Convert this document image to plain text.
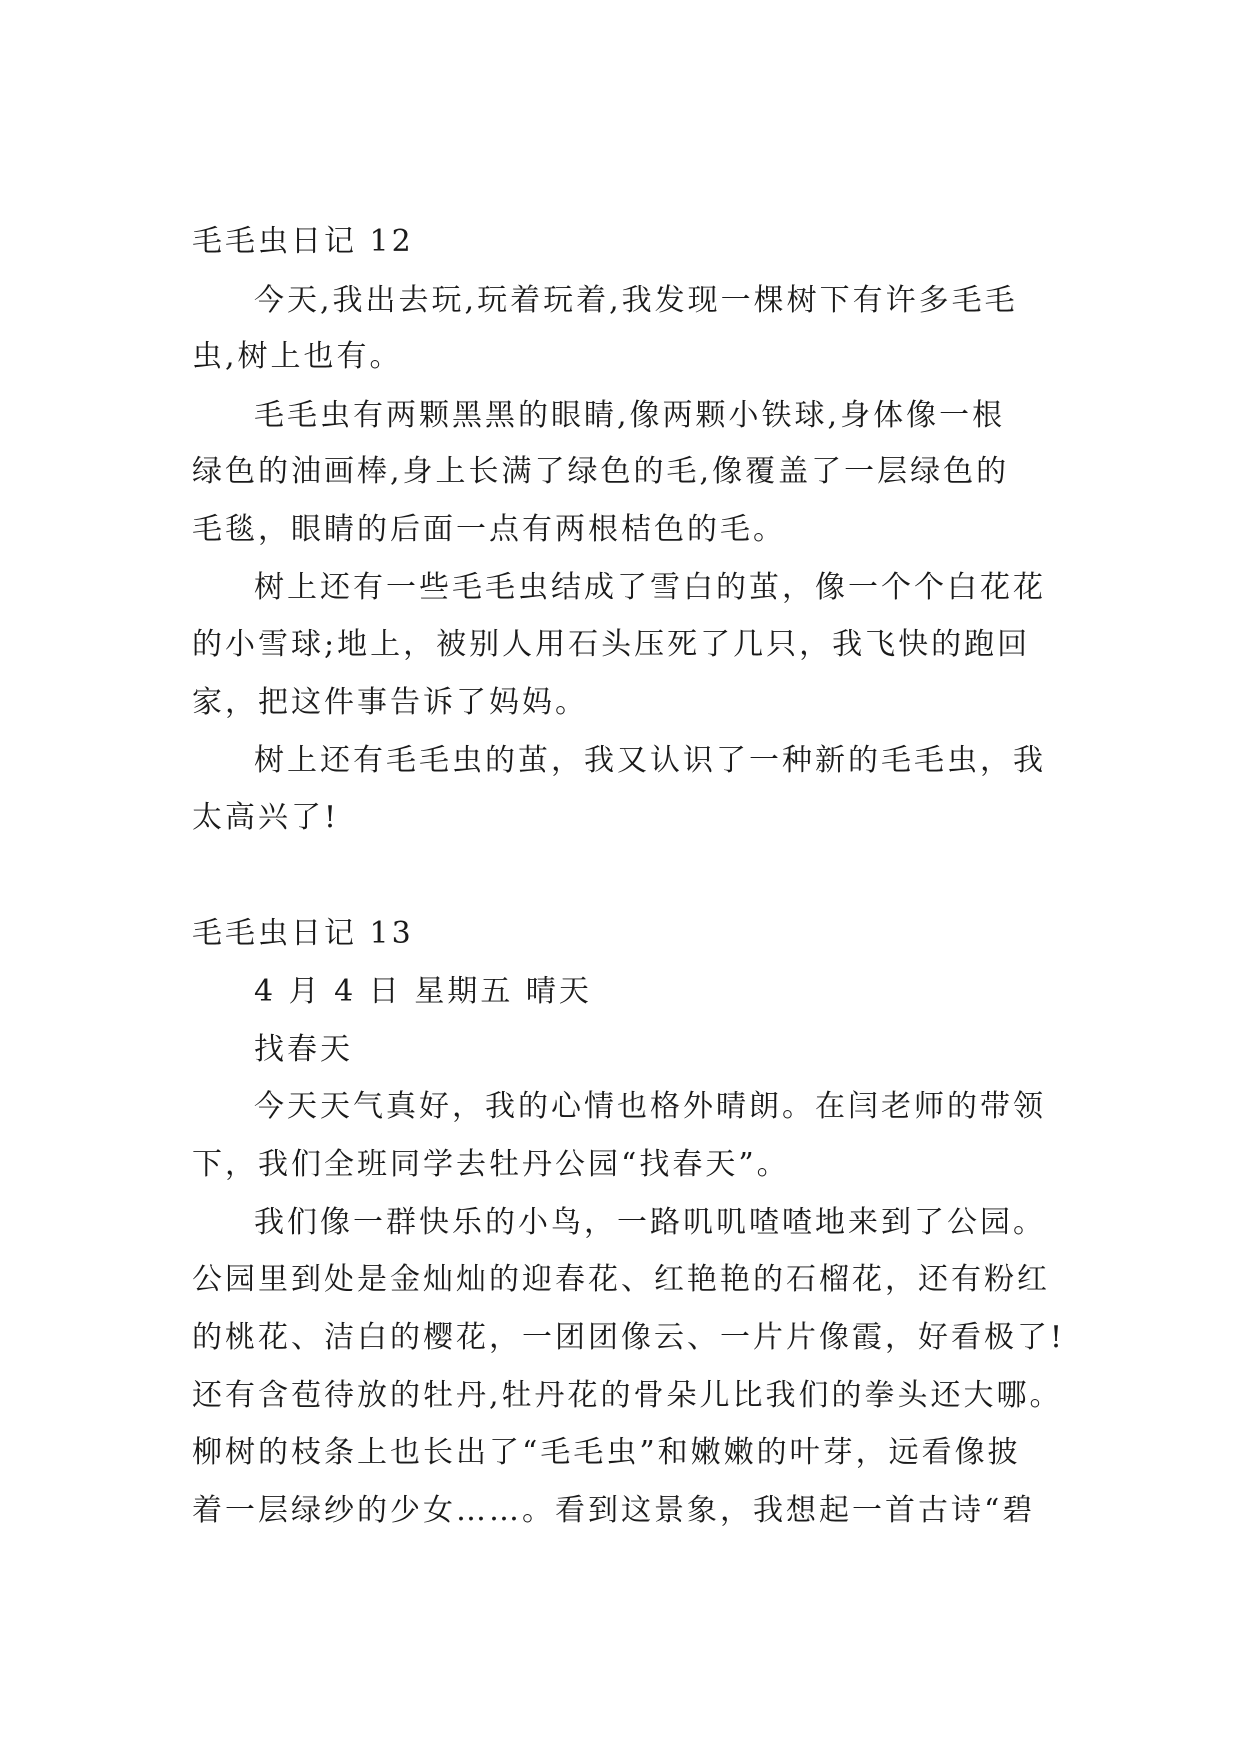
毛毛虫日记 12

今天,我出去玩,玩着玩着,我发现一棵树下有许多毛毛

虫,树上也有。

毛毛虫有两颗黑黑的眼睛,像两颗小铁球,身体像一根

绿色的油画棒,身上长满了绿色的毛,像覆盖了一层绿色的

毛毯，眼睛的后面一点有两根桔色的毛。

树上还有一些毛毛虫结成了雪白的茧，像一个个白花花

的小雪球;地上，被别人用石头压死了几只，我飞快的跑回

家，把这件事告诉了妈妈。

树上还有毛毛虫的茧，我又认识了一种新的毛毛虫，我

太高兴了!

毛毛虫日记 13

4 月 4 日 星期五 晴天

找春天

今天天气真好，我的心情也格外晴朗。在闫老师的带领

下，我们全班同学去牡丹公园“找春天”。

我们像一群快乐的小鸟，一路叽叽喳喳地来到了公园。

公园里到处是金灿灿的迎春花、红艳艳的石榴花，还有粉红

的桃花、洁白的樱花，一团团像云、一片片像霞，好看极了!

还有含苞待放的牡丹,牡丹花的骨朵儿比我们的拳头还大哪。

柳树的枝条上也长出了“毛毛虫”和嫩嫩的叶芽，远看像披

着一层绿纱的少女……。看到这景象，我想起一首古诗“碧
